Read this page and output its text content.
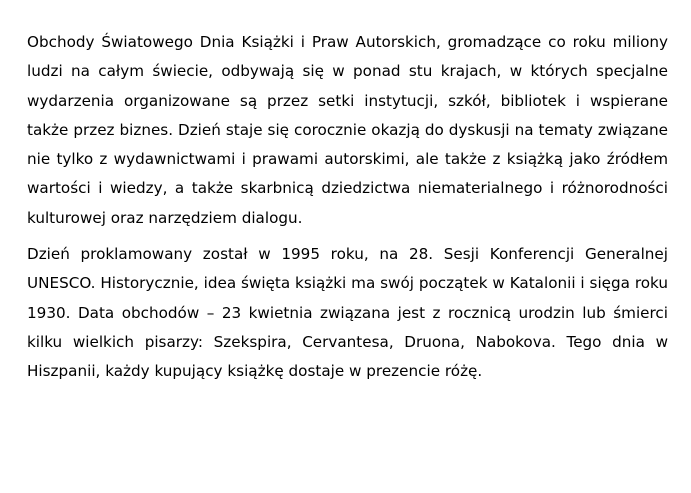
Obchody Światowego Dnia Książki i Praw Autorskich, gromadzące co roku miliony ludzi na całym świecie, odbywają się w ponad stu krajach, w których specjalne wydarzenia organizowane są przez setki instytucji, szkół, bibliotek i wspierane także przez biznes. Dzień staje się corocznie okazją do dyskusji na tematy związane nie tylko z wydawnictwami i prawami autorskimi, ale także z książką jako źródłem wartości i wiedzy, a także skarbnicą dziedzictwa niematerialnego i różnorodności kulturowej oraz narzędziem dialogu.

Dzień proklamowany został w 1995 roku, na 28. Sesji Konferencji Generalnej UNESCO. Historycznie, idea święta książki ma swój początek w Katalonii i sięga roku 1930. Data obchodów – 23 kwietnia związana jest z rocznicą urodzin lub śmierci kilku wielkich pisarzy: Szekspira, Cervantesa, Druona, Nabokova. Tego dnia w Hiszpanii, każdy kupujący książkę dostaje w prezencie różę.
